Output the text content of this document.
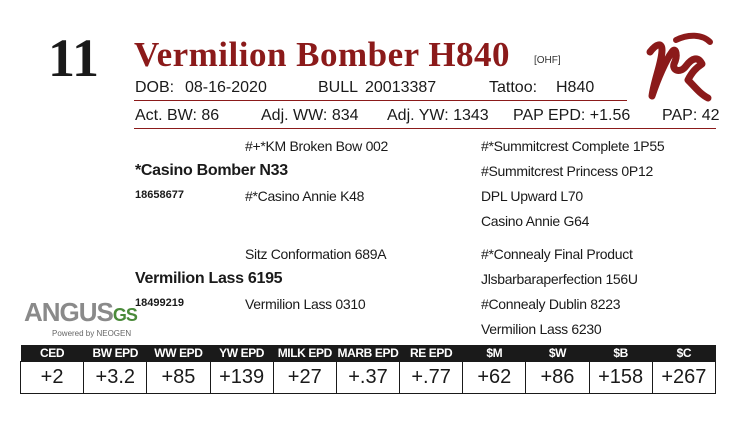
11 Vermilion Bomber H840 [OHF]
DOB: 08-16-2020	BULL 20013387	Tattoo: H840
Act. BW: 86	Adj. WW: 834 Adj. YW: 1343 PAP EPD: +1.56 PAP: 42
#+*KM Broken Bow 002
*Casino Bomber N33
18658677	#*Casino Annie K48
#*Summitcrest Complete 1P55
#Summitcrest Princess 0P12
DPL Upward L70
Casino Annie G64
Sitz Conformation 689A
Vermilion Lass 6195
18499219	Vermilion Lass 0310
#*Connealy Final Product
Jlsbarbaraperfection 156U
#Connealy Dublin 8223
Vermilion Lass 6230
ANGUSGS
Powered by NEOGEN
CED	BW EPD	WW EPD	YW EPD	MILK EPD	MARB EPD	RE EPD	$M	$W	$B	$C
+2	+3.2	+85	+139	+27	+.37	+.77	+62	+86	+158	+267
